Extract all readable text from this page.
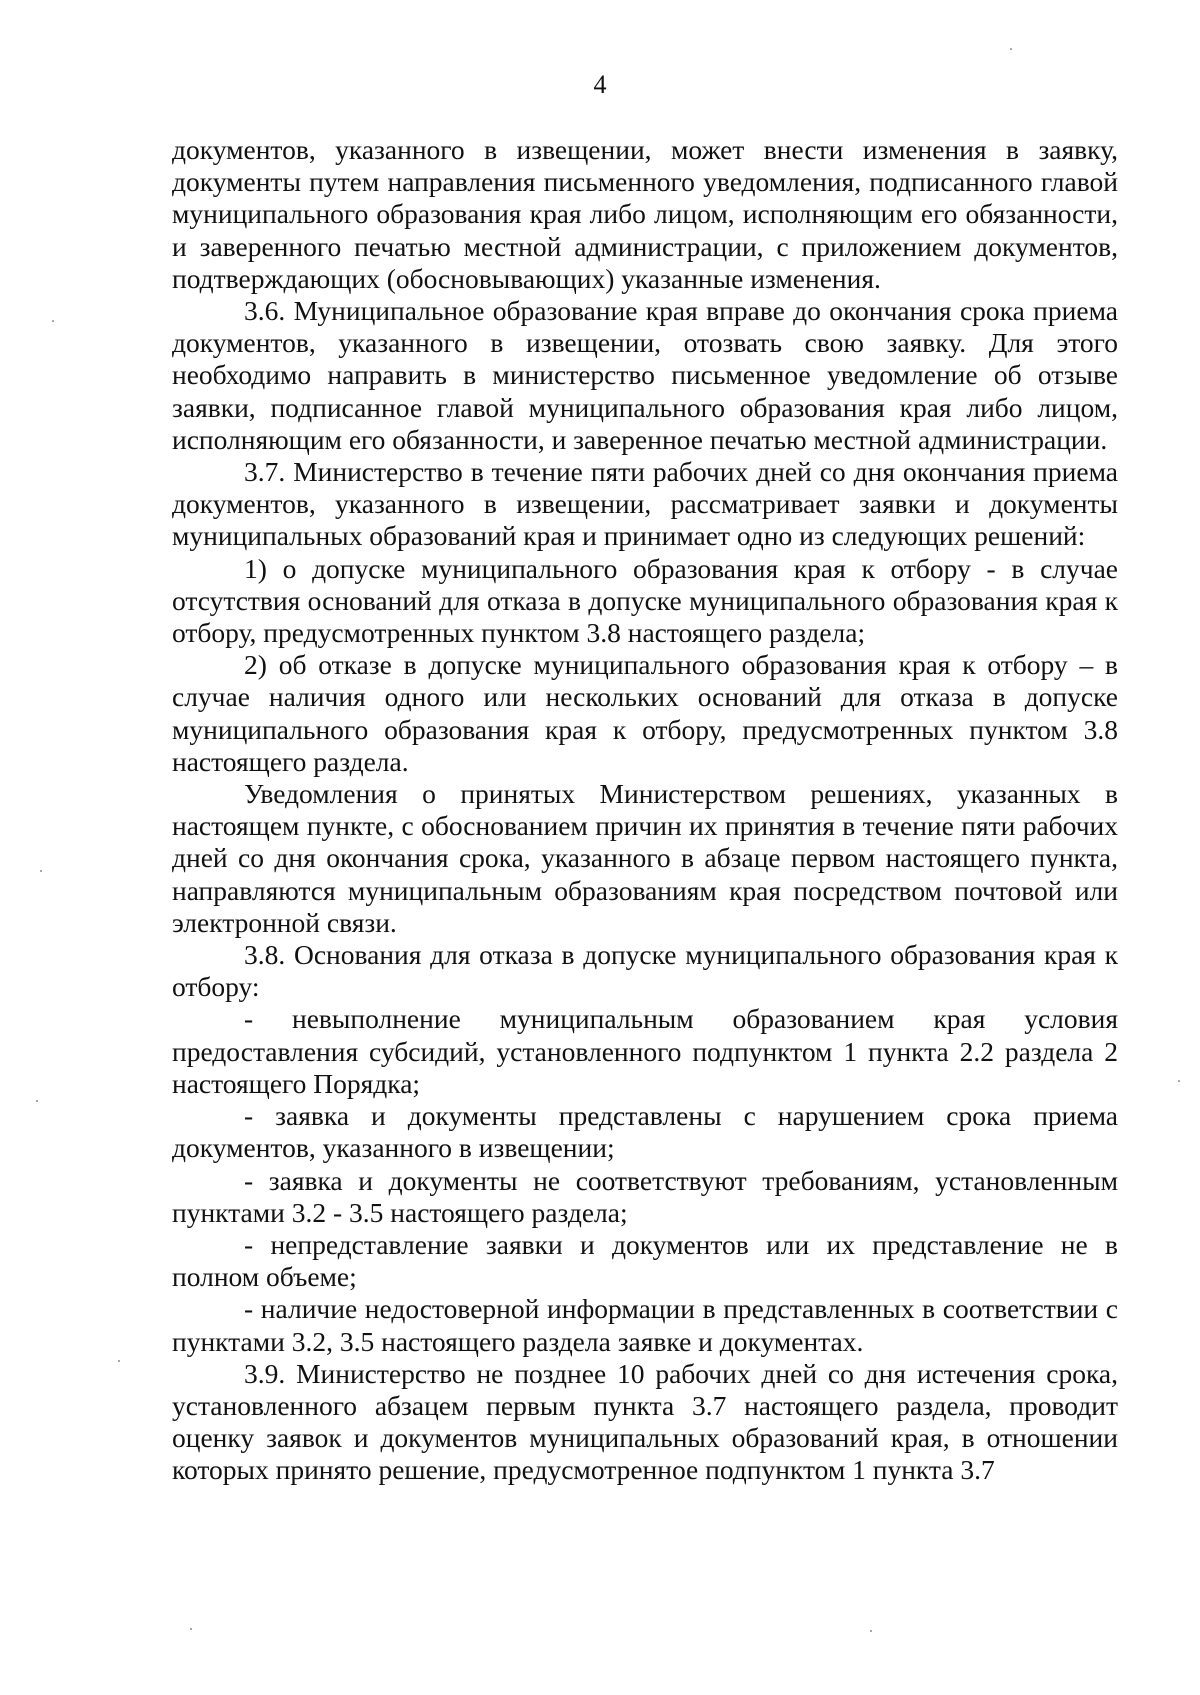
4

документов, указанного в извещении, может внести изменения в заявку, документы путем направления письменного уведомления, подписанного главой муниципального образования края либо лицом, исполняющим его обязанности, и заверенного печатью местной администрации, с приложением документов, подтверждающих (обосновывающих) указанные изменения.

3.6. Муниципальное образование края вправе до окончания срока приема документов, указанного в извещении, отозвать свою заявку. Для этого необходимо направить в министерство письменное уведомление об отзыве заявки, подписанное главой муниципального образования края либо лицом, исполняющим его обязанности, и заверенное печатью местной администрации.

3.7. Министерство в течение пяти рабочих дней со дня окончания приема документов, указанного в извещении, рассматривает заявки и документы муниципальных образований края и принимает одно из следующих решений:

1) о допуске муниципального образования края к отбору - в случае отсутствия оснований для отказа в допуске муниципального образования края к отбору, предусмотренных пунктом 3.8 настоящего раздела;

2) об отказе в допуске муниципального образования края к отбору – в случае наличия одного или нескольких оснований для отказа в допуске муниципального образования края к отбору, предусмотренных пунктом 3.8 настоящего раздела.

Уведомления о принятых Министерством решениях, указанных в настоящем пункте, с обоснованием причин их принятия в течение пяти рабочих дней со дня окончания срока, указанного в абзаце первом настоящего пункта, направляются муниципальным образованиям края посредством почтовой или электронной связи.

3.8. Основания для отказа в допуске муниципального образования края к отбору:

- невыполнение муниципальным образованием края условия предоставления субсидий, установленного подпунктом 1 пункта 2.2 раздела 2 настоящего Порядка;

- заявка и документы представлены с нарушением срока приема документов, указанного в извещении;

- заявка и документы не соответствуют требованиям, установленным пунктами 3.2 - 3.5 настоящего раздела;

- непредставление заявки и документов или их представление не в полном объеме;

- наличие недостоверной информации в представленных в соответствии с пунктами 3.2, 3.5 настоящего раздела заявке и документах.

3.9. Министерство не позднее 10 рабочих дней со дня истечения срока, установленного абзацем первым пункта 3.7 настоящего раздела, проводит оценку заявок и документов муниципальных образований края, в отношении которых принято решение, предусмотренное подпунктом 1 пункта 3.7
